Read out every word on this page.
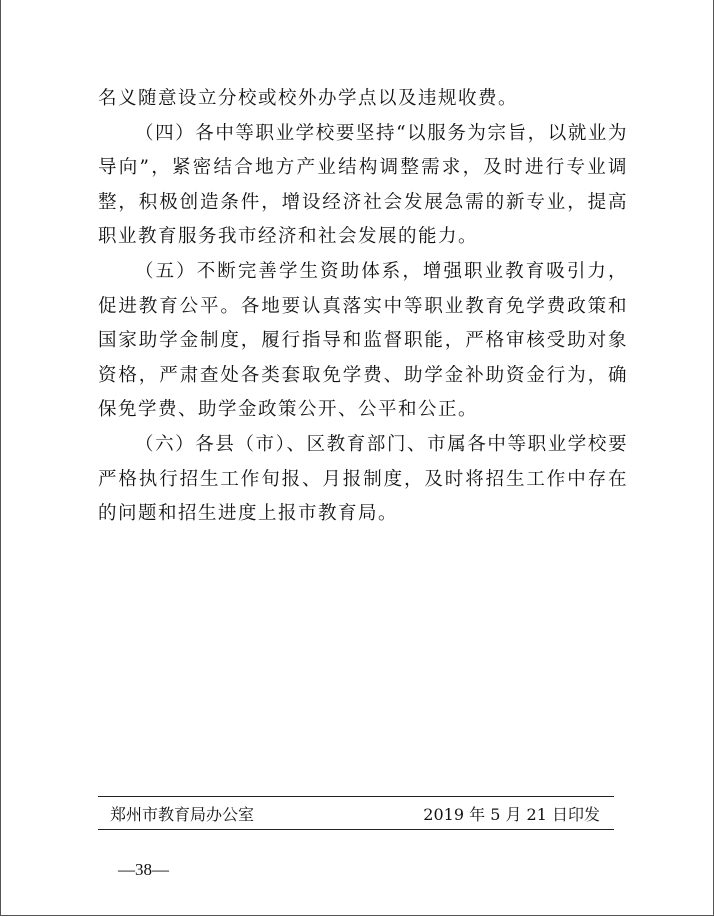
名义随意设立分校或校外办学点以及违规收费。

（四）各中等职业学校要坚持“以服务为宗旨，以就业为导向”，紧密结合地方产业结构调整需求，及时进行专业调整，积极创造条件，增设经济社会发展急需的新专业，提高职业教育服务我市经济和社会发展的能力。

（五）不断完善学生资助体系，增强职业教育吸引力，促进教育公平。各地要认真落实中等职业教育免学费政策和国家助学金制度，履行指导和监督职能，严格审核受助对象资格，严肃查处各类套取免学费、助学金补助资金行为，确保免学费、助学金政策公开、公平和公正。

（六）各县（市）、区教育部门、市属各中等职业学校要严格执行招生工作旬报、月报制度，及时将招生工作中存在的问题和招生进度上报市教育局。

郑州市教育局办公室	2019 年 5 月 21 日印发
—38—
